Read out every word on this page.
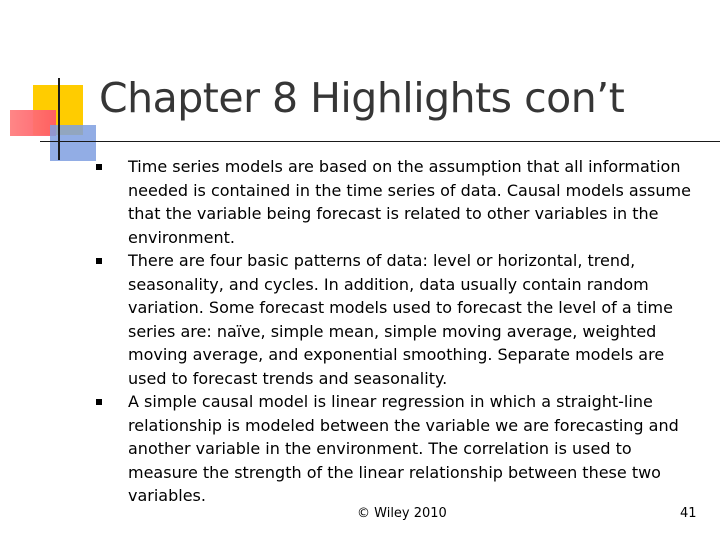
Chapter 8 Highlights con’t
Time series models are based on the assumption that all information needed is contained in the time series of data. Causal models assume that the variable being forecast is related to other variables in the environment.
There are four basic patterns of data: level or horizontal, trend, seasonality, and cycles. In addition, data usually contain random variation. Some forecast models used to forecast the level of a time series are: naïve, simple mean, simple moving average, weighted moving average, and exponential smoothing. Separate models are used to forecast trends and seasonality.
A simple causal model is linear regression in which a straight-line relationship is modeled between the variable we are forecasting and another variable in the environment. The correlation is used to measure the strength of the linear relationship between these two variables.
© Wiley 2010	41
